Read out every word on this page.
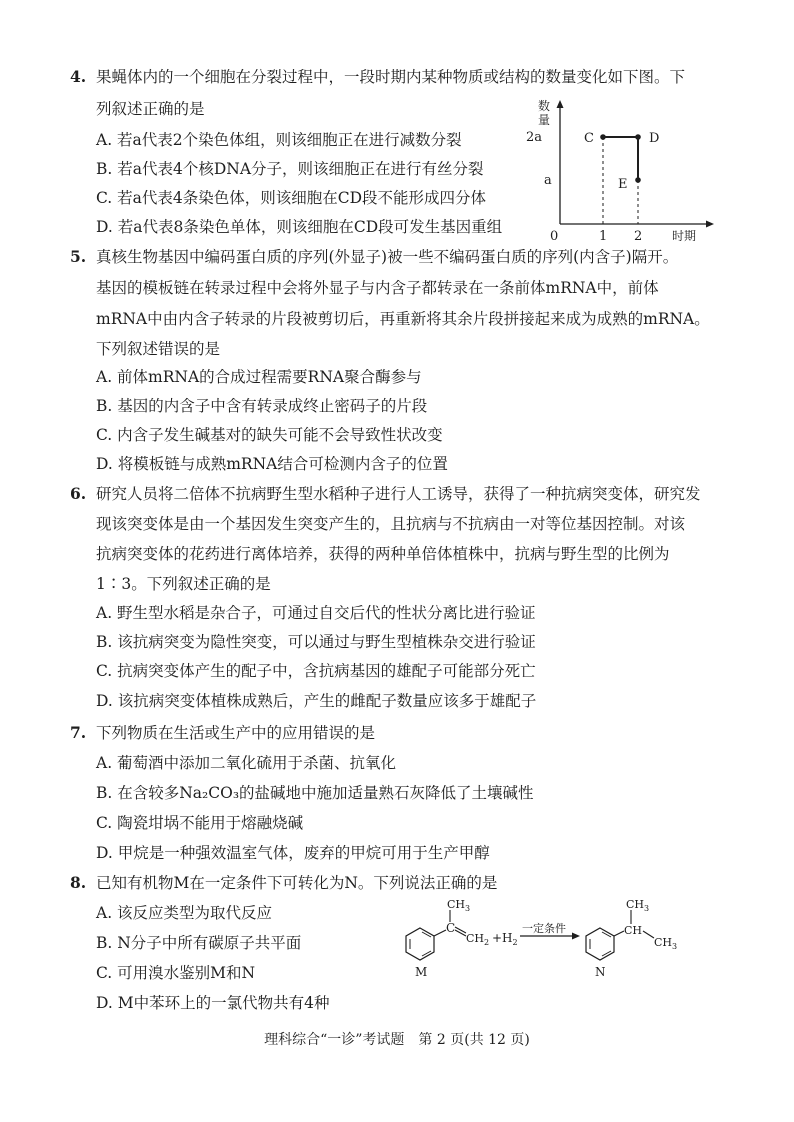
4. 果蝇体内的一个细胞在分裂过程中，一段时期内某种物质或结构的数量变化如下图。下
列叙述正确的是
A. 若a代表2个染色体组，则该细胞正在进行减数分裂
B. 若a代表4个核DNA分子，则该细胞正在进行有丝分裂
C. 若a代表4条染色体，则该细胞在CD段不能形成四分体
D. 若a代表8条染色单体，则该细胞在CD段可发生基因重组
数
量
2a
a
0	1 2 时期
C	D
E
5. 真核生物基因中编码蛋白质的序列(外显子)被一些不编码蛋白质的序列(内含子)隔开。
基因的模板链在转录过程中会将外显子与内含子都转录在一条前体mRNA中，前体
mRNA中由内含子转录的片段被剪切后，再重新将其余片段拼接起来成为成熟的mRNA。
下列叙述错误的是
A. 前体mRNA的合成过程需要RNA聚合酶参与
B. 基因的内含子中含有转录成终止密码子的片段
C. 内含子发生碱基对的缺失可能不会导致性状改变
D. 将模板链与成熟mRNA结合可检测内含子的位置
6. 研究人员将二倍体不抗病野生型水稻种子进行人工诱导，获得了一种抗病突变体，研究发
现该突变体是由一个基因发生突变产生的，且抗病与不抗病由一对等位基因控制。对该
抗病突变体的花药进行离体培养，获得的两种单倍体植株中，抗病与野生型的比例为
1∶3。下列叙述正确的是
A. 野生型水稻是杂合子，可通过自交后代的性状分离比进行验证
B. 该抗病突变为隐性突变，可以通过与野生型植株杂交进行验证
C. 抗病突变体产生的配子中，含抗病基因的雄配子可能部分死亡
D. 该抗病突变体植株成熟后，产生的雌配子数量应该多于雄配子
7. 下列物质在生活或生产中的应用错误的是
A. 葡萄酒中添加二氧化硫用于杀菌、抗氧化
B. 在含较多Na₂CO₃的盐碱地中施加适量熟石灰降低了土壤碱性
C. 陶瓷坩埚不能用于熔融烧碱
D. 甲烷是一种强效温室气体，废弃的甲烷可用于生产甲醇
8. 已知有机物M在一定条件下可转化为N。下列说法正确的是
A. 该反应类型为取代反应
B. N分子中所有碳原子共平面
C. 可用溴水鉴别M和N
D. M中苯环上的一氯代物共有4种
C
$CH_3$
$CH_2$
M
$+H_2$
一定条件	CH
$CH_3$
$CH_3$
N
理科综合“一诊”考试题　第 2 页(共 12 页)
